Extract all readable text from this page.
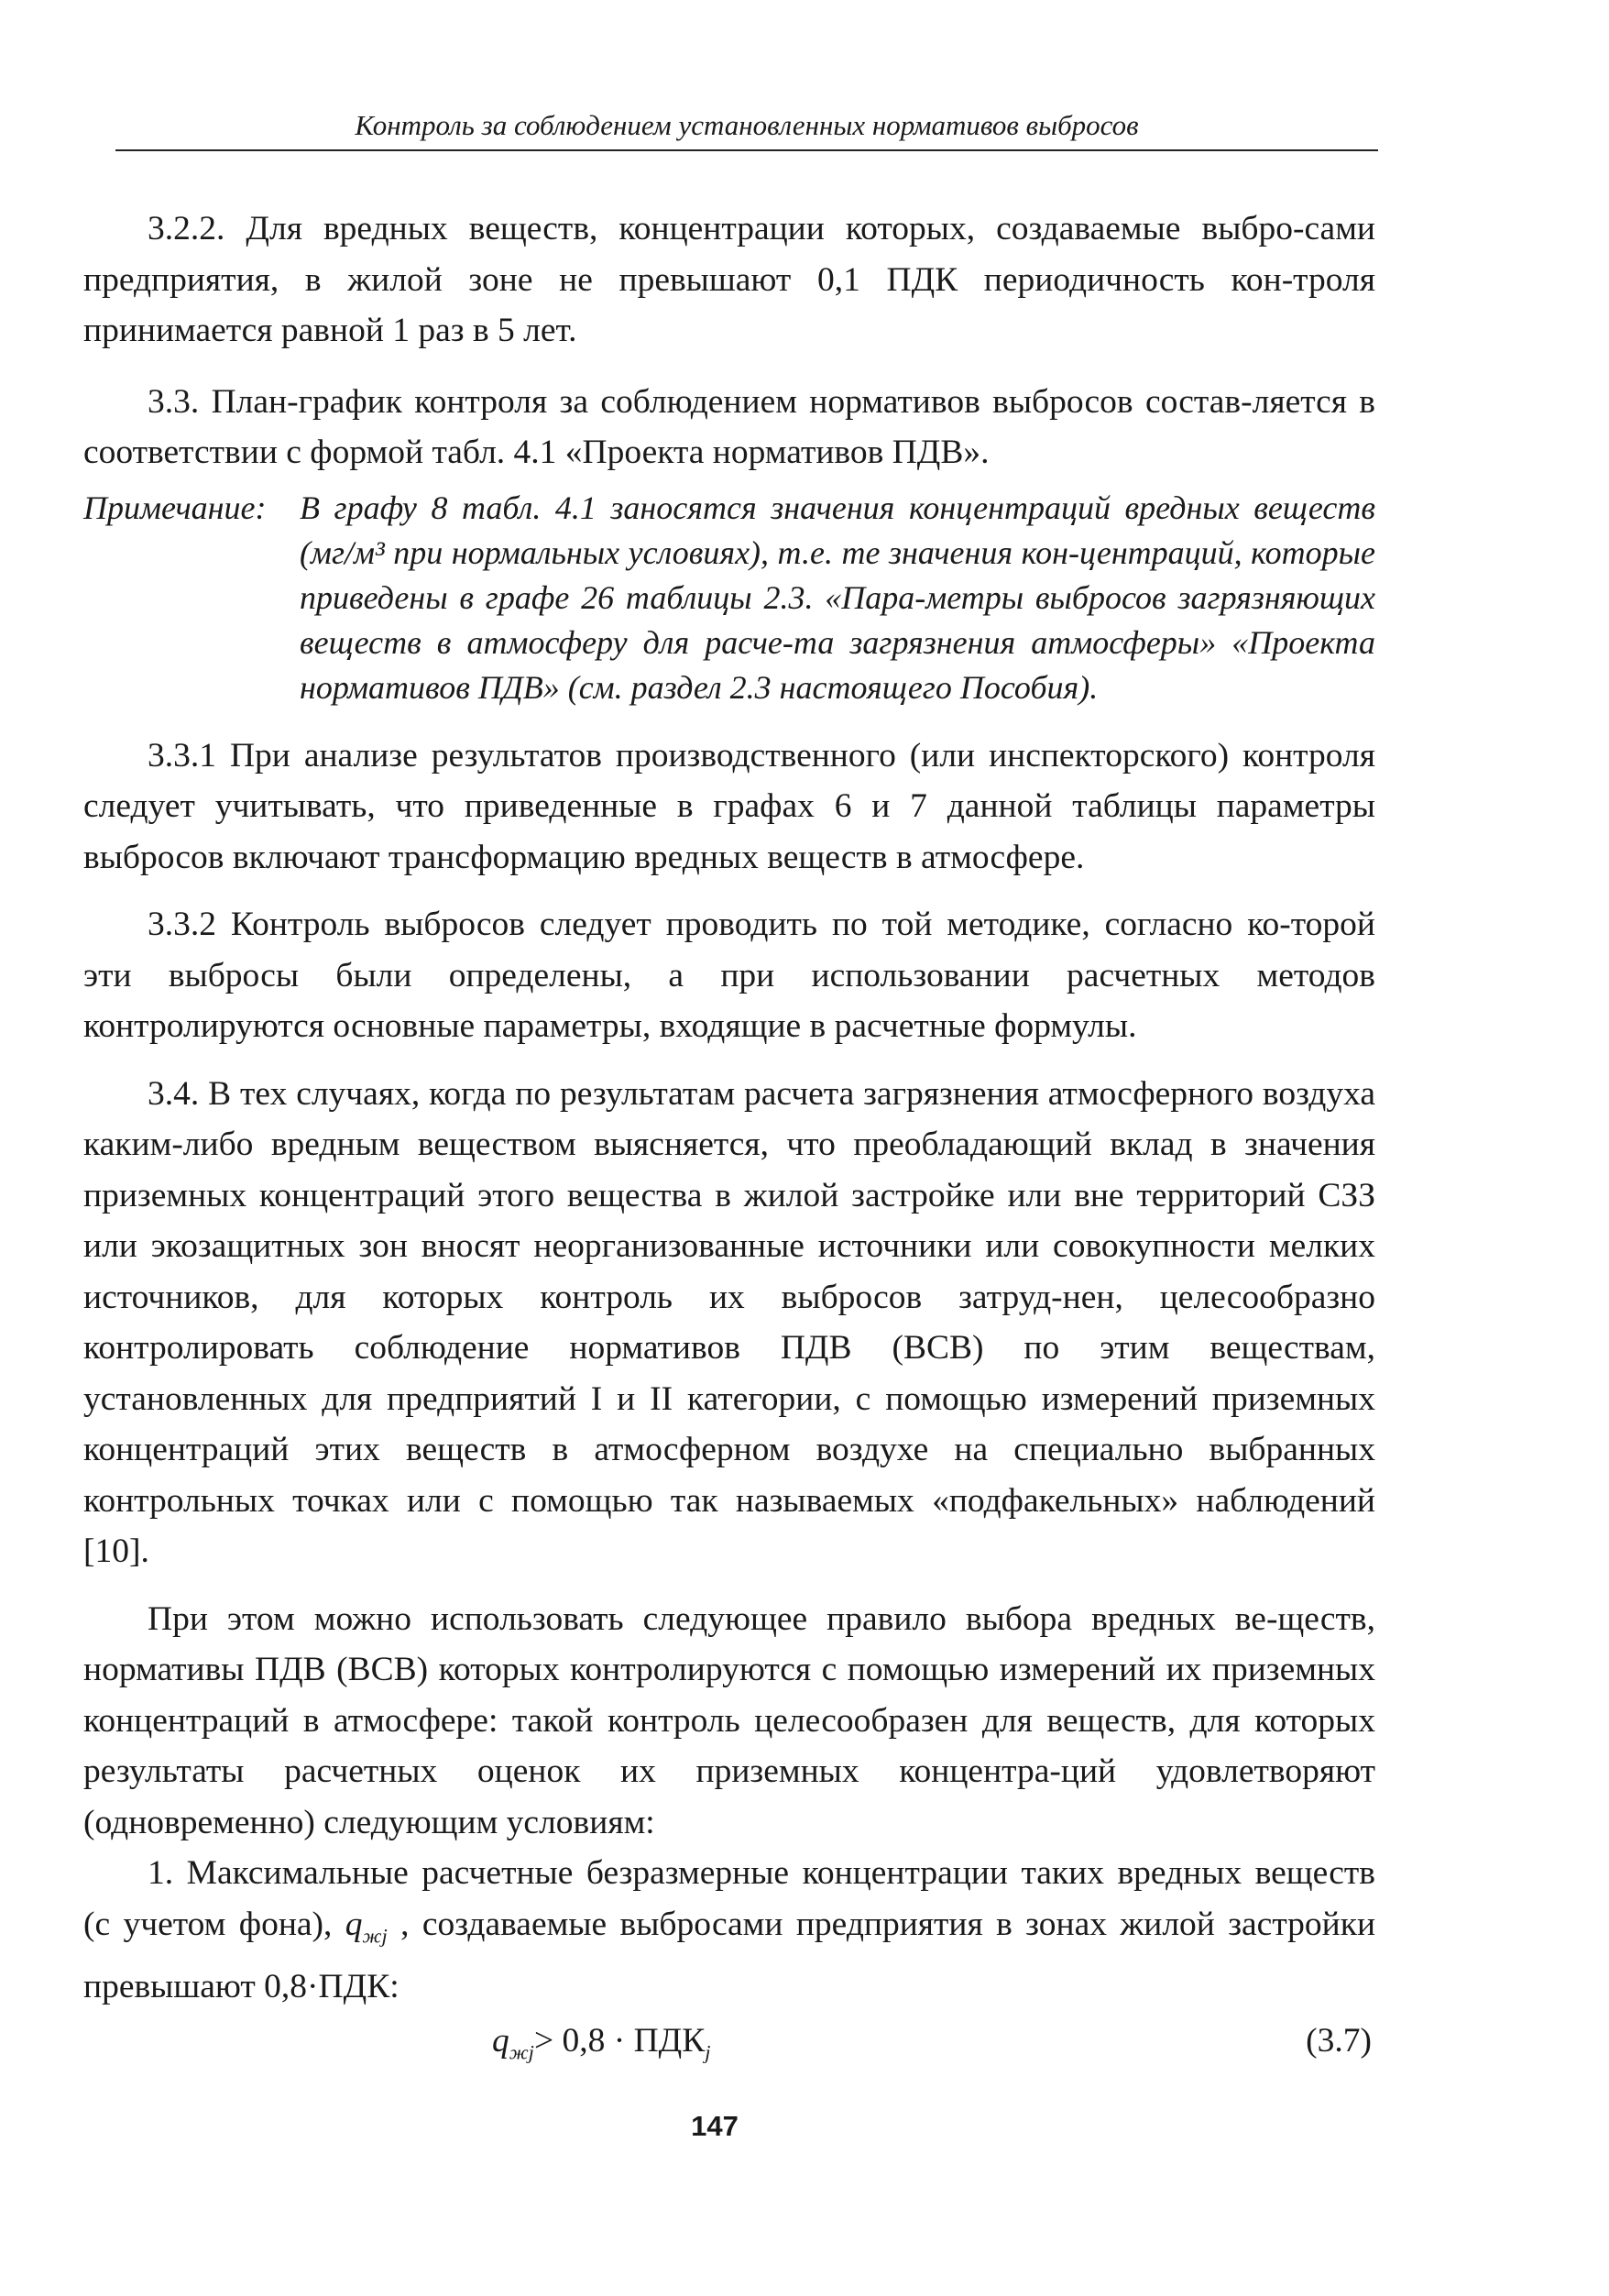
Контроль за соблюдением установленных нормативов выбросов

3.2.2. Для вредных веществ, концентрации которых, создаваемые выбро-сами предприятия, в жилой зоне не превышают 0,1 ПДК периодичность кон-троля принимается равной 1 раз в 5 лет.

3.3. План-график контроля за соблюдением нормативов выбросов состав-ляется в соответствии с формой табл. 4.1 «Проекта нормативов ПДВ».

Примечание: В графу 8 табл. 4.1 заносятся значения концентраций вредных веществ (мг/м³ при нормальных условиях), т.е. те значения кон-центраций, которые приведены в графе 26 таблицы 2.3. «Пара-метры выбросов загрязняющих веществ в атмосферу для расче-та загрязнения атмосферы» «Проекта нормативов ПДВ» (см. раздел 2.3 настоящего Пособия).

3.3.1 При анализе результатов производственного (или инспекторского) контроля следует учитывать, что приведенные в графах 6 и 7 данной таблицы параметры выбросов включают трансформацию вредных веществ в атмосфере.

3.3.2 Контроль выбросов следует проводить по той методике, согласно ко-торой эти выбросы были определены, а при использовании расчетных методов контролируются основные параметры, входящие в расчетные формулы.

3.4. В тех случаях, когда по результатам расчета загрязнения атмосферного воздуха каким-либо вредным веществом выясняется, что преобладающий вклад в значения приземных концентраций этого вещества в жилой застройке или вне территорий СЗЗ или экозащитных зон вносят неорганизованные источники или совокупности мелких источников, для которых контроль их выбросов затруд-нен, целесообразно контролировать соблюдение нормативов ПДВ (ВСВ) по этим веществам, установленных для предприятий I и II категории, с помощью измерений приземных концентраций этих веществ в атмосферном воздухе на специально выбранных контрольных точках или с помощью так называемых «подфакельных» наблюдений [10].

При этом можно использовать следующее правило выбора вредных ве-ществ, нормативы ПДВ (ВСВ) которых контролируются с помощью измерений их приземных концентраций в атмосфере: такой контроль целесообразен для веществ, для которых результаты расчетных оценок их приземных концентра-ций удовлетворяют (одновременно) следующим условиям:

1. Максимальные расчетные безразмерные концентрации таких вредных веществ (с учетом фона), $q_{жj}$ , создаваемые выбросами предприятия в зонах жилой застройки превышают 0,8·ПДК:

$q_{жj}> 0,8 \cdot ПДК_j$	(3.7)
147
